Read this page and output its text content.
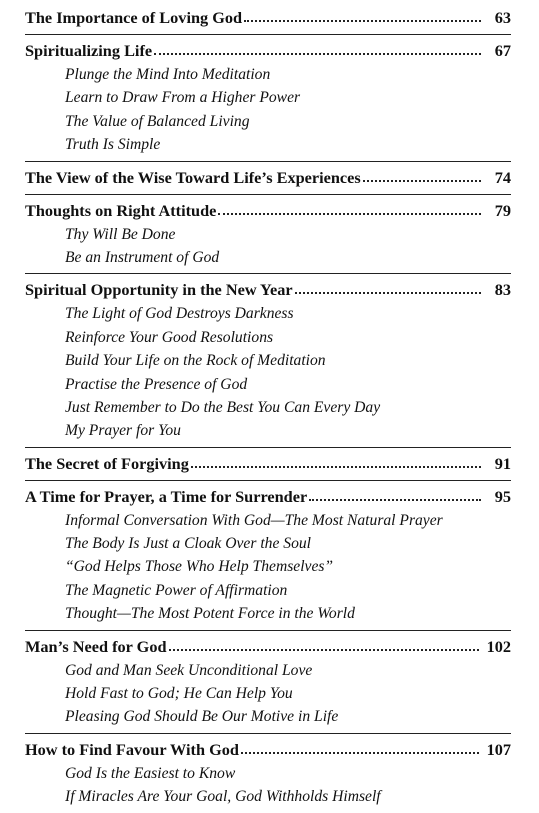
The Importance of Loving God	63
Spiritualizing Life	67
Plunge the Mind Into Meditation
Learn to Draw From a Higher Power
The Value of Balanced Living
Truth Is Simple
The View of the Wise Toward Life’s Experiences	74
Thoughts on Right Attitude	79
Thy Will Be Done
Be an Instrument of God
Spiritual Opportunity in the New Year	83
The Light of God Destroys Darkness
Reinforce Your Good Resolutions
Build Your Life on the Rock of Meditation
Practise the Presence of God
Just Remember to Do the Best You Can Every Day
My Prayer for You
The Secret of Forgiving	91
A Time for Prayer, a Time for Surrender	95
Informal Conversation With God—The Most Natural Prayer
The Body Is Just a Cloak Over the Soul
“God Helps Those Who Help Themselves”
The Magnetic Power of Affirmation
Thought—The Most Potent Force in the World
Man’s Need for God	102
God and Man Seek Unconditional Love
Hold Fast to God; He Can Help You
Pleasing God Should Be Our Motive in Life
How to Find Favour With God	107
God Is the Easiest to Know
If Miracles Are Your Goal, God Withholds Himself
